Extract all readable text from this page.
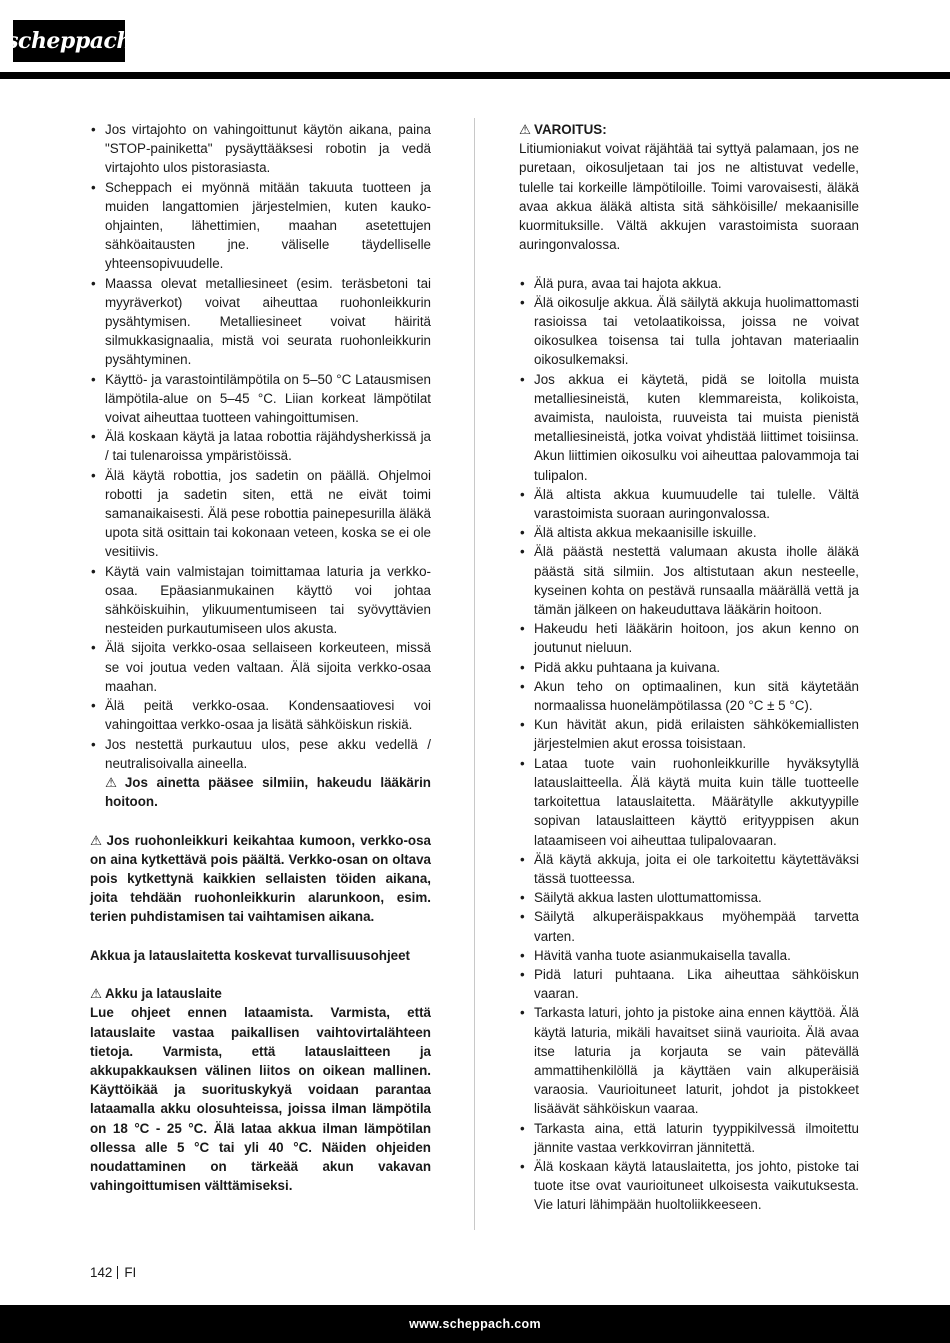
scheppach
• Jos virtajohto on vahingoittunut käytön aikana, paina "STOP-painiketta" pysäyttääksesi robotin ja vedä virtajohto ulos pistorasiasta.
• Scheppach ei myönnä mitään takuuta tuotteen ja muiden langattomien järjestelmien, kuten kauko-ohjainten, lähettimien, maahan asetettujen sähköaitausten jne. väliselle täydelliselle yhteensopivuudelle.
• Maassa olevat metalliesineet (esim. teräsbetoni tai myyräverkot) voivat aiheuttaa ruohonleikkurin pysähtymisen. Metalliesineet voivat häiritä silmukkasignaalia, mistä voi seurata ruohonleikkurin pysähtyminen.
• Käyttö- ja varastointilämpötila on 5–50 °C Latausmisen lämpötila-alue on 5–45 °C. Liian korkeat lämpötilat voivat aiheuttaa tuotteen vahingoittumisen.
• Älä koskaan käytä ja lataa robottia räjähdysherkissä ja / tai tulenaroissa ympäristöissä.
• Älä käytä robottia, jos sadetin on päällä. Ohjelmoi robotti ja sadetin siten, että ne eivät toimi samanaikaisesti. Älä pese robottia painepesurilla äläkä upota sitä osittain tai kokonaan veteen, koska se ei ole vesitiivis.
• Käytä vain valmistajan toimittamaa laturia ja verkko-osaa. Epäasianmukainen käyttö voi johtaa sähköiskuihin, ylikuumentumiseen tai syövyttävien nesteiden purkautumiseen ulos akusta.
• Älä sijoita verkko-osaa sellaiseen korkeuteen, missä se voi joutua veden valtaan. Älä sijoita verkko-osaa maahan.
• Älä peitä verkko-osaa. Kondensaatiovesi voi vahingoittaa verkko-osaa ja lisätä sähköiskun riskiä.
• Jos nestettä purkautuu ulos, pese akku vedellä / neutralisoivalla aineella.

⚠ Jos ainetta pääsee silmiin, hakeudu lääkärin hoitoon.

⚠ Jos ruohonleikkuri keikahtaa kumoon, verkko-osa on aina kytkettävä pois päältä. Verkko-osan on oltava pois kytkettynä kaikkien sellaisten töiden aikana, joita tehdään ruohonleikkurin alarunkoon, esim. terien puhdistamisen tai vaihtamisen aikana.

Akkua ja latauslaitetta koskevat turvallisuusohjeet

⚠ Akku ja latauslaite

Lue ohjeet ennen lataamista. Varmista, että latauslaite vastaa paikallisen vaihtovirtalähteen tietoja. Varmista, että latauslaitteen ja akkupakkauksen välinen liitos on oikean mallinen. Käyttöikää ja suorituskykyä voidaan parantaa lataamalla akku olosuhteissa, joissa ilman lämpötila on 18 °C - 25 °C. Älä lataa akkua ilman lämpötilan ollessa alle 5 °C tai yli 40 °C. Näiden ohjeiden noudattaminen on tärkeää akun vakavan vahingoittumisen välttämiseksi.

⚠ VAROITUS:

Litiumioniakut voivat räjähtää tai syttyä palamaan, jos ne puretaan, oikosuljetaan tai jos ne altistuvat vedelle, tulelle tai korkeille lämpötiloille. Toimi varovaisesti, äläkä avaa akkua äläkä altista sitä sähköisille/ mekaanisille kuormituksille. Vältä akkujen varastoimista suoraan auringonvalossa.

• Älä pura, avaa tai hajota akkua.
• Älä oikosulje akkua. Älä säilytä akkuja huolimattomasti rasioissa tai vetolaatikoissa, joissa ne voivat oikosulkea toisensa tai tulla johtavan materiaalin oikosulkemaksi.
• Jos akkua ei käytetä, pidä se loitolla muista metalliesineistä, kuten klemmareista, kolikoista, avaimista, nauloista, ruuveista tai muista pienistä metalliesineistä, jotka voivat yhdistää liittimet toisiinsa. Akun liittimien oikosulku voi aiheuttaa palovammoja tai tulipalon.
• Älä altista akkua kuumuudelle tai tulelle. Vältä varastoimista suoraan auringonvalossa.
• Älä altista akkua mekaanisille iskuille.
• Älä päästä nestettä valumaan akusta iholle äläkä päästä sitä silmiin. Jos altistutaan akun nesteelle, kyseinen kohta on pestävä runsaalla määrällä vettä ja tämän jälkeen on hakeuduttava lääkärin hoitoon.
• Hakeudu heti lääkärin hoitoon, jos akun kenno on joutunut nieluun.
• Pidä akku puhtaana ja kuivana.
• Akun teho on optimaalinen, kun sitä käytetään normaalissa huonelämpötilassa (20 °C ± 5 °C).
• Kun hävität akun, pidä erilaisten sähkökemiallisten järjestelmien akut erossa toisistaan.
• Lataa tuote vain ruohonleikkurille hyväksytyllä latauslaitteella. Älä käytä muita kuin tälle tuotteelle tarkoitettua latauslaitetta. Määrätylle akkutyypille sopivan latauslaitteen käyttö erityyppisen akun lataamiseen voi aiheuttaa tulipalovaaran.
• Älä käytä akkuja, joita ei ole tarkoitettu käytettäväksi tässä tuotteessa.
• Säilytä akkua lasten ulottumattomissa.
• Säilytä alkuperäispakkaus myöhempää tarvetta varten.
• Hävitä vanha tuote asianmukaisella tavalla.
• Pidä laturi puhtaana. Lika aiheuttaa sähköiskun vaaran.
• Tarkasta laturi, johto ja pistoke aina ennen käyttöä. Älä käytä laturia, mikäli havaitset siinä vaurioita. Älä avaa itse laturia ja korjauta se vain pätevällä ammattihenkilöllä ja käyttäen vain alkuperäisiä varaosia. Vaurioituneet laturit, johdot ja pistokkeet lisäävät sähköiskun vaaraa.
• Tarkasta aina, että laturin tyyppikilvessä ilmoitettu jännite vastaa verkkovirran jännitettä.
• Älä koskaan käytä latauslaitetta, jos johto, pistoke tai tuote itse ovat vaurioituneet ulkoisesta vaikutuksesta. Vie laturi lähimpään huoltoliikkeeseen.
142 FI
www.scheppach.com
